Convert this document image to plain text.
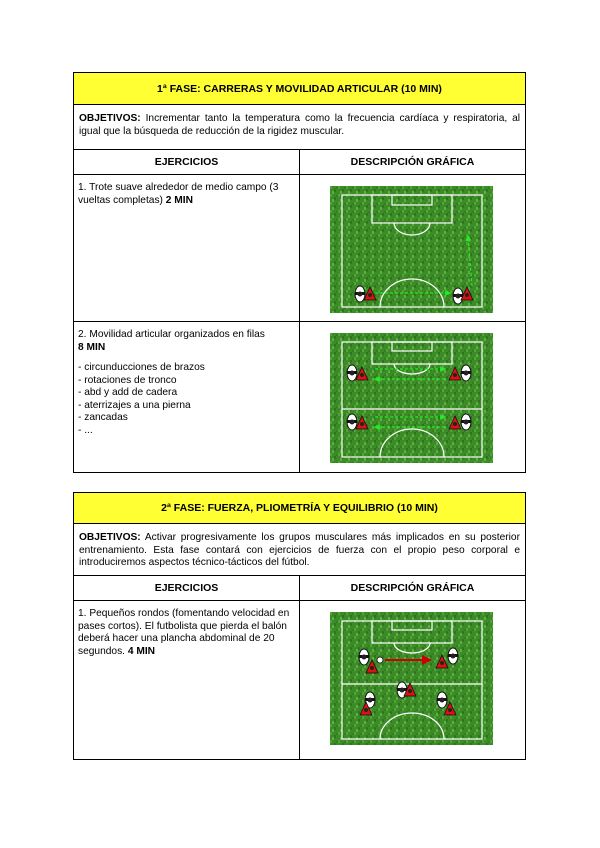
1ª FASE: CARRERAS Y MOVILIDAD ARTICULAR (10 MIN)
OBJETIVOS: Incrementar tanto la temperatura como la frecuencia cardíaca y respiratoria, al igual que la búsqueda de reducción de la rigidez muscular.
EJERCICIOS	DESCRIPCIÓN GRÁFICA
1. Trote suave alrededor de medio campo (3 vueltas completas) 2 MIN
2. Movilidad articular organizados en filas
8 MIN
- circunducciones de brazos
- rotaciones de tronco
- abd y add de cadera
- aterrizajes a una pierna
- zancadas
- ...
2ª FASE: FUERZA, PLIOMETRÍA Y EQUILIBRIO (10 MIN)
OBJETIVOS: Activar progresivamente los grupos musculares más implicados en su posterior entrenamiento. Esta fase contará con ejercicios de fuerza con el propio peso corporal e introduciremos aspectos técnico-tácticos del fútbol.
EJERCICIOS	DESCRIPCIÓN GRÁFICA
1. Pequeños rondos (fomentando velocidad en pases cortos). El futbolista que pierda el balón deberá hacer una plancha abdominal de 20 segundos. 4 MIN
